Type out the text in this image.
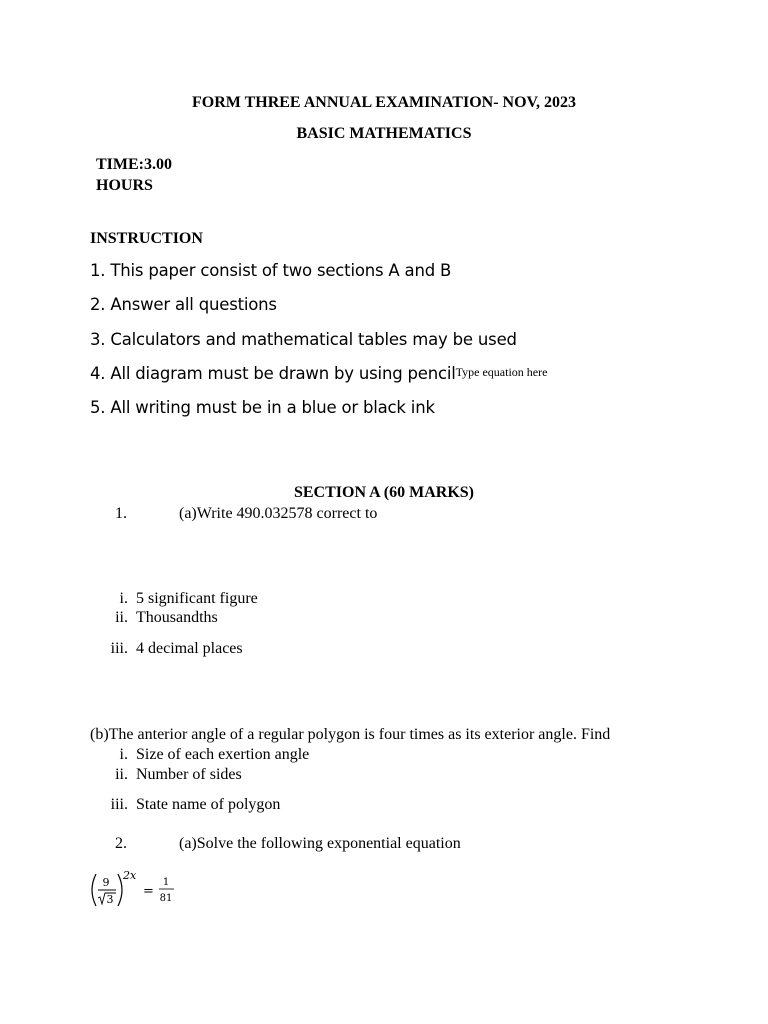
FORM THREE ANNUAL EXAMINATION- NOV, 2023
BASIC MATHEMATICS
TIME:3.00
HOURS
INSTRUCTION
1. This paper consist of two sections A and B
2. Answer all questions
3. Calculators and mathematical tables may be used
4. All diagram must be drawn by using pencilType equation here
5. All writing must be in a blue or black ink
SECTION A (60 MARKS)
1.	(a)Write 490.032578 correct to
i. 5 significant figure
ii. Thousandths
iii. 4 decimal places
(b)The anterior angle of a regular polygon is four times as its exterior angle. Find
i. Size of each exertion angle
ii. Number of sides
iii. State name of polygon
2.	(a)Solve the following exponential equation
9
3
2x
=
1
81
